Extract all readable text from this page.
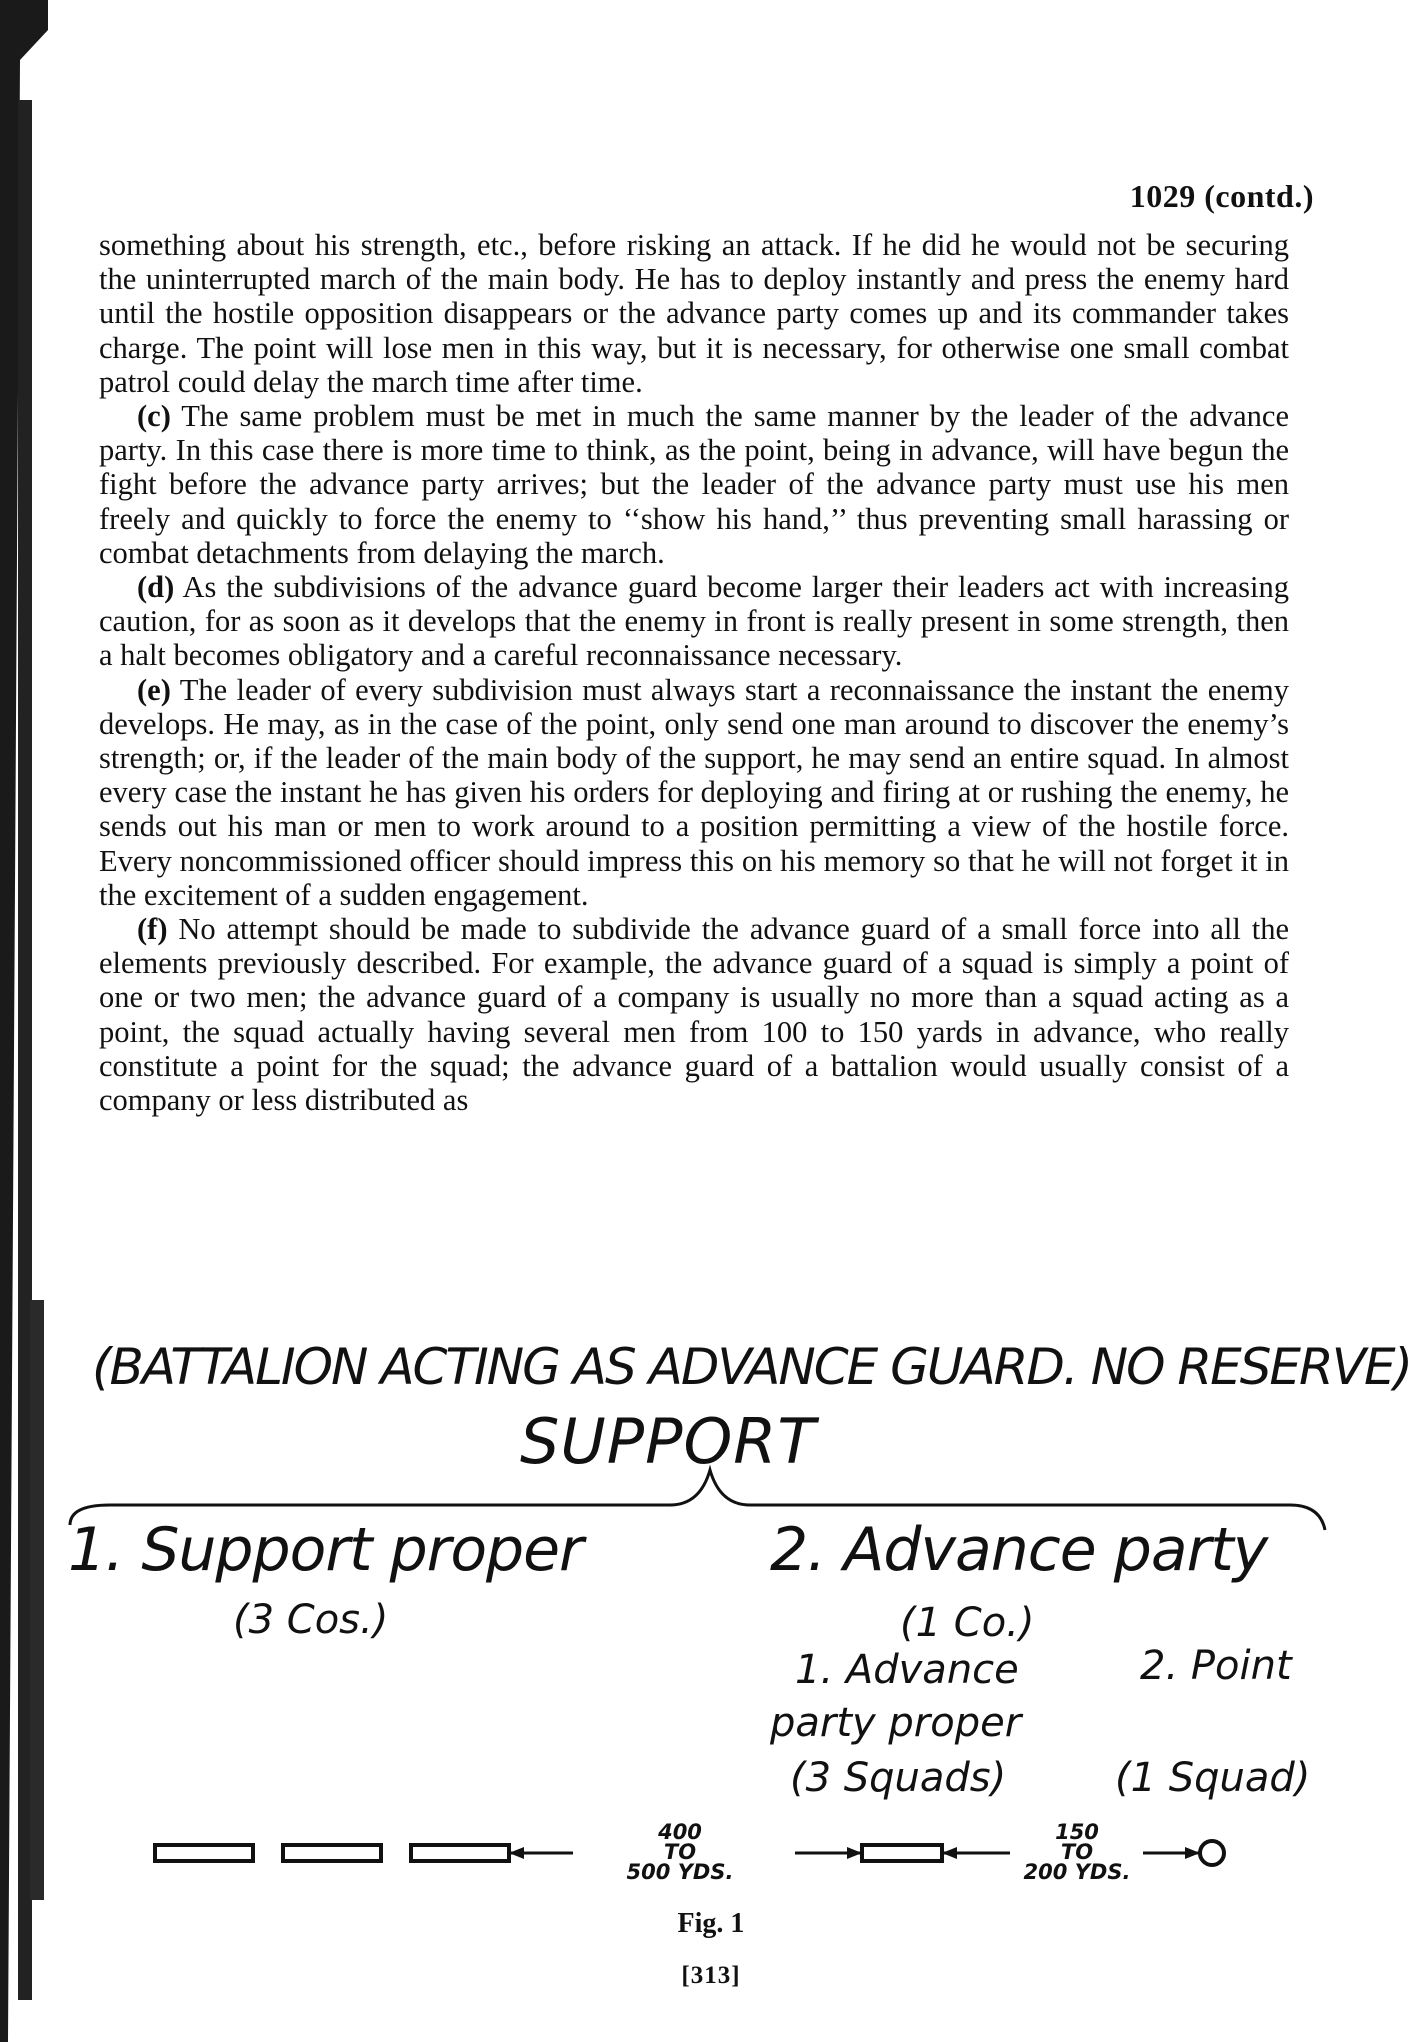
1029 (contd.)

something about his strength, etc., before risking an attack. If he did he would not be securing the uninterrupted march of the main body. He has to deploy instantly and press the enemy hard until the hostile opposition disappears or the advance party comes up and its commander takes charge. The point will lose men in this way, but it is necessary, for otherwise one small combat patrol could delay the march time after time.

(c) The same problem must be met in much the same manner by the leader of the advance party. In this case there is more time to think, as the point, being in advance, will have begun the fight before the advance party arrives; but the leader of the advance party must use his men freely and quickly to force the enemy to ‘‘show his hand,’’ thus preventing small harassing or combat detachments from delaying the march.

(d) As the subdivisions of the advance guard become larger their leaders act with increasing caution, for as soon as it develops that the enemy in front is really present in some strength, then a halt becomes obligatory and a careful reconnaissance necessary.

(e) The leader of every subdivision must always start a reconnaissance the instant the enemy develops. He may, as in the case of the point, only send one man around to discover the enemy’s strength; or, if the leader of the main body of the support, he may send an entire squad. In almost every case the instant he has given his orders for deploying and firing at or rushing the enemy, he sends out his man or men to work around to a position permitting a view of the hostile force. Every noncommissioned officer should impress this on his memory so that he will not forget it in the excitement of a sudden engagement.

(f) No attempt should be made to subdivide the advance guard of a small force into all the elements previously described. For example, the advance guard of a squad is simply a point of one or two men; the advance guard of a company is usually no more than a squad acting as a point, the squad actually having several men from 100 to 150 yards in advance, who really constitute a point for the squad; the advance guard of a battalion would usually consist of a company or less distributed as

(BATTALION ACTING AS ADVANCE GUARD. NO RESERVE)
SUPPORT
1. Support proper
(3 Cos.)
2. Advance party
(1 Co.)
1. Advance	2. Point
party proper
(3 Squads)	(1 Squad)
400
TO
500 YDS.
150
TO
200 YDS.
Fig. 1
[313]
